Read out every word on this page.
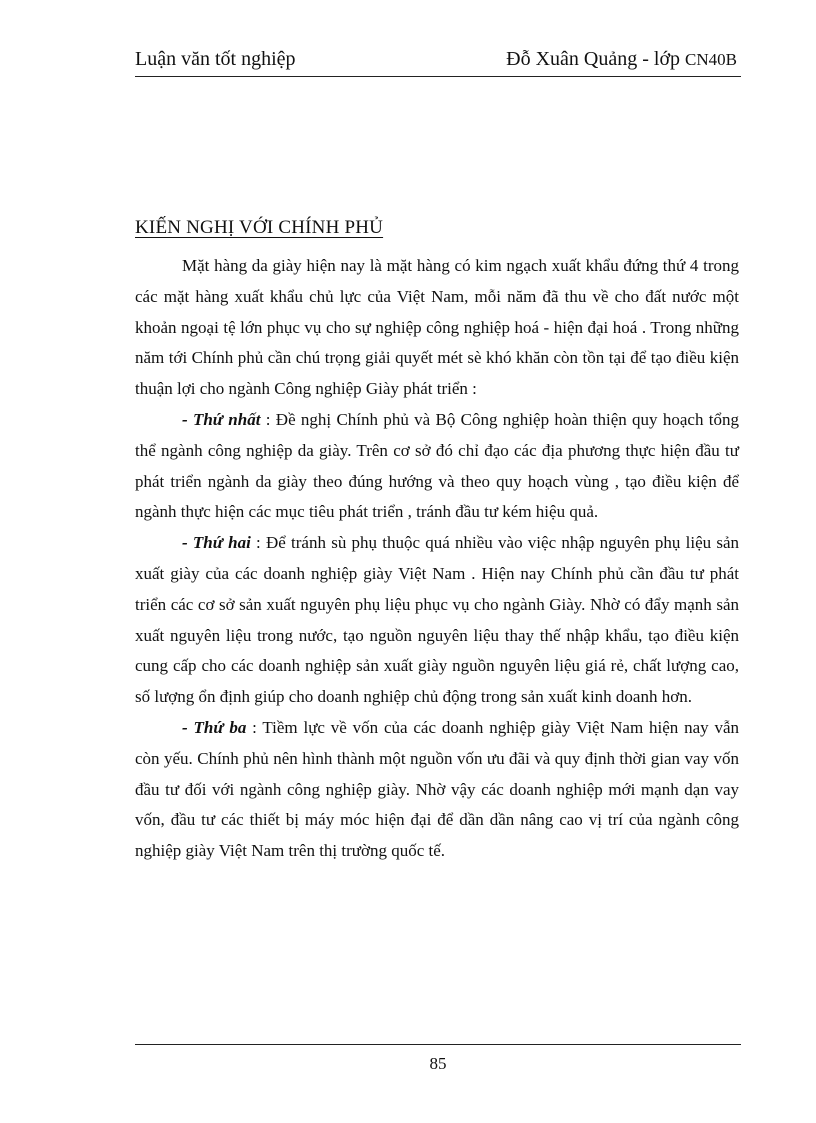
Luận văn tốt nghiệp	Đỗ Xuân Quảng - lớp CN40B
KIẾN NGHỊ VỚI CHÍNH PHỦ

Mặt hàng da giày hiện nay là mặt hàng có kim ngạch xuất khẩu đứng thứ 4 trong các mặt hàng xuất khẩu chủ lực của Việt Nam, mỗi năm đã thu về cho đất nước một khoản ngoại tệ lớn phục vụ cho sự nghiệp công nghiệp hoá - hiện đại hoá . Trong những năm tới Chính phủ cần chú trọng giải quyết mét sè khó khăn còn tồn tại để tạo điều kiện thuận lợi cho ngành Công nghiệp Giày phát triển :

- Thứ nhất : Đề nghị Chính phủ và Bộ Công nghiệp hoàn thiện quy hoạch tổng thể ngành công nghiệp da giày. Trên cơ sở đó chỉ đạo các địa phương thực hiện đầu tư phát triển ngành da giày theo đúng hướng và theo quy hoạch vùng , tạo điều kiện để ngành thực hiện các mục tiêu phát triển , tránh đầu tư kém hiệu quả.

- Thứ hai : Để tránh sù phụ thuộc quá nhiều vào việc nhập nguyên phụ liệu sản xuất giày của các doanh nghiệp giày Việt Nam . Hiện nay Chính phủ cần đầu tư phát triển các cơ sở sản xuất nguyên phụ liệu phục vụ cho ngành Giày. Nhờ có đẩy mạnh sản xuất nguyên liệu trong nước, tạo nguồn nguyên liệu thay thế nhập khẩu, tạo điều kiện cung cấp cho các doanh nghiệp sản xuất giày nguồn nguyên liệu giá rẻ, chất lượng cao, số lượng ổn định giúp cho doanh nghiệp chủ động trong sản xuất kinh doanh hơn.

- Thứ ba : Tiềm lực về vốn của các doanh nghiệp giày Việt Nam hiện nay vẫn còn yếu. Chính phủ nên hình thành một nguồn vốn ưu đãi và quy định thời gian vay vốn đầu tư đối với ngành công nghiệp giày. Nhờ vậy các doanh nghiệp mới mạnh dạn vay vốn, đầu tư các thiết bị máy móc hiện đại để dần dần nâng cao vị trí của ngành công nghiệp giày Việt Nam trên thị trường quốc tế.

85
